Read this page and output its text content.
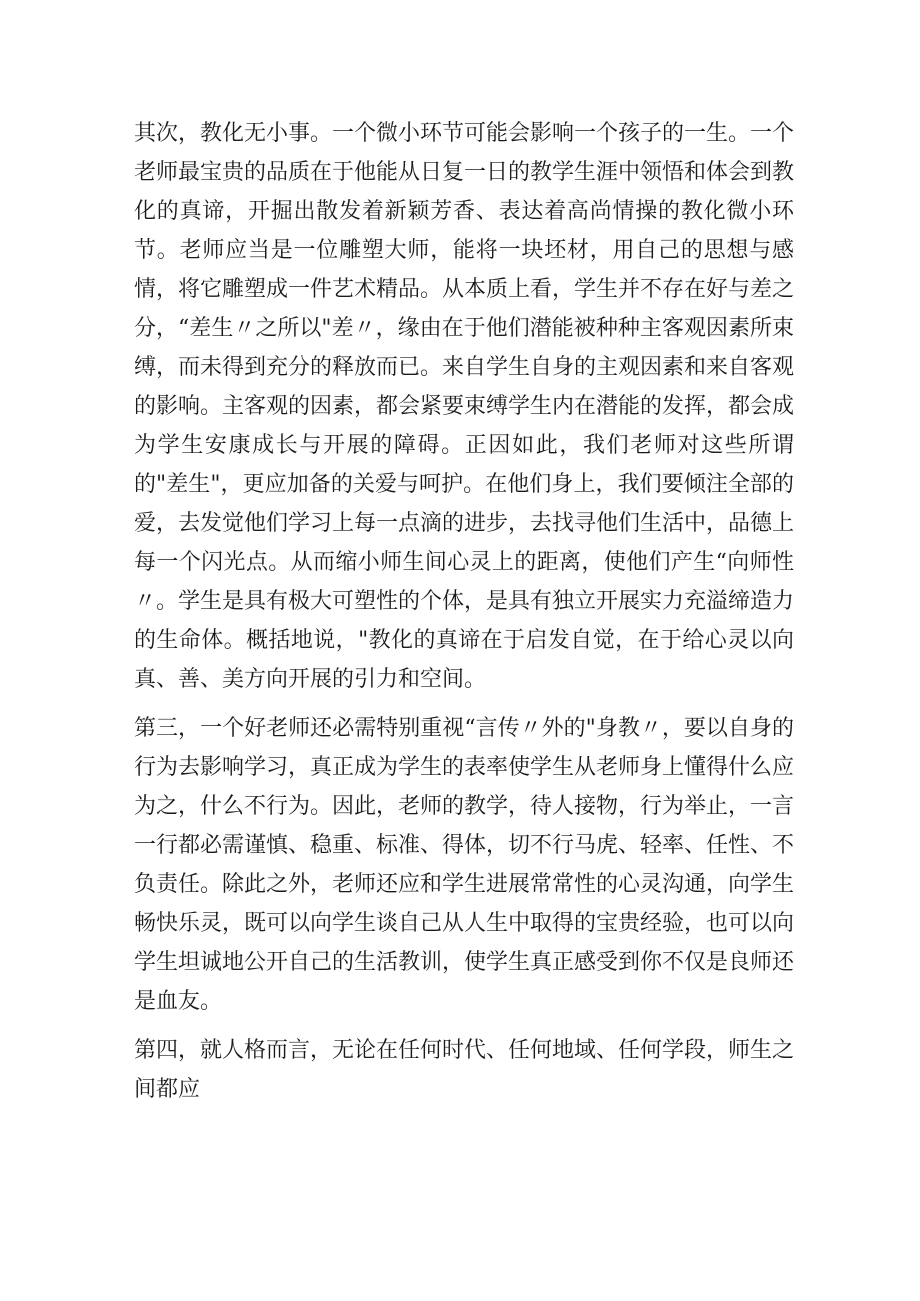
其次，教化无小事。一个微小环节可能会影响一个孩子的一生。一个老师最宝贵的品质在于他能从日复一日的教学生涯中领悟和体会到教化的真谛，开掘出散发着新颖芳香、表达着高尚情操的教化微小环节。老师应当是一位雕塑大师，能将一块坯材，用自己的思想与感情，将它雕塑成一件艺术精品。从本质上看，学生并不存在好与差之分，“差生〃之所以"差〃，缘由在于他们潜能被种种主客观因素所束缚，而未得到充分的释放而已。来自学生自身的主观因素和来自客观的影响。主客观的因素，都会紧要束缚学生内在潜能的发挥，都会成为学生安康成长与开展的障碍。正因如此，我们老师对这些所谓的"差生"，更应加备的关爱与呵护。在他们身上，我们要倾注全部的爱，去发觉他们学习上每一点滴的进步，去找寻他们生活中，品德上每一个闪光点。从而缩小师生间心灵上的距离，使他们产生“向师性〃。学生是具有极大可塑性的个体，是具有独立开展实力充溢缔造力的生命体。概括地说，"教化的真谛在于启发自觉，在于给心灵以向真、善、美方向开展的引力和空间。

第三，一个好老师还必需特别重视“言传〃外的"身教〃，要以自身的行为去影响学习，真正成为学生的表率使学生从老师身上懂得什么应为之，什么不行为。因此，老师的教学，待人接物，行为举止，一言一行都必需谨慎、稳重、标准、得体，切不行马虎、轻率、任性、不负责任。除此之外，老师还应和学生进展常常性的心灵沟通，向学生畅快乐灵，既可以向学生谈自己从人生中取得的宝贵经验，也可以向学生坦诚地公开自己的生活教训，使学生真正感受到你不仅是良师还是血友。

第四，就人格而言，无论在任何时代、任何地域、任何学段，师生之间都应
